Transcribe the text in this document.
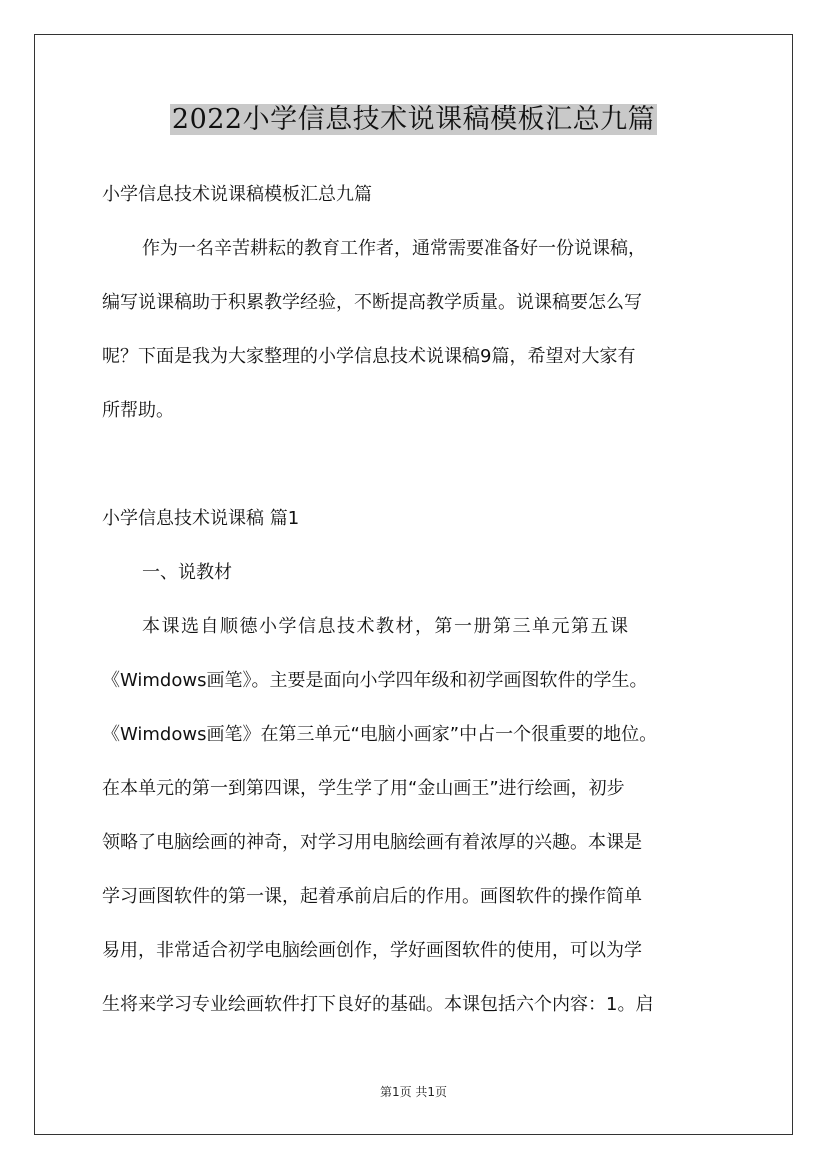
2022小学信息技术说课稿模板汇总九篇
小学信息技术说课稿模板汇总九篇
作为一名辛苦耕耘的教育工作者，通常需要准备好一份说课稿，
编写说课稿助于积累教学经验，不断提高教学质量。说课稿要怎么写
呢？下面是我为大家整理的小学信息技术说课稿9篇，希望对大家有
所帮助。
小学信息技术说课稿 篇1
一、说教材
本课选自顺德小学信息技术教材，第一册第三单元第五课
《Wimdows画笔》。主要是面向小学四年级和初学画图软件的学生。
《Wimdows画笔》在第三单元“电脑小画家”中占一个很重要的地位。
在本单元的第一到第四课，学生学了用“金山画王”进行绘画，初步
领略了电脑绘画的神奇，对学习用电脑绘画有着浓厚的兴趣。本课是
学习画图软件的第一课，起着承前启后的作用。画图软件的操作简单
易用，非常适合初学电脑绘画创作，学好画图软件的使用，可以为学
生将来学习专业绘画软件打下良好的基础。本课包括六个内容：1。启
第1页 共1页
